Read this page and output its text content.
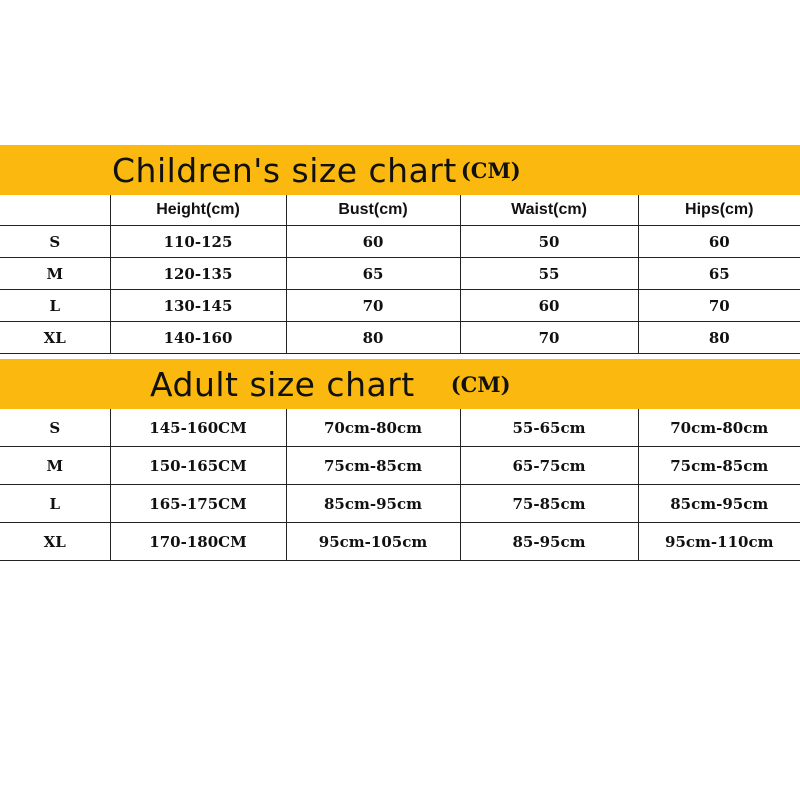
Children's size chart (CM)
	Height(cm)	Bust(cm)	Waist(cm)	Hips(cm)
S	110-125	60	50	60
M	120-135	65	55	65
L	130-145	70	60	70
XL	140-160	80	70	80
Adult size chart (CM)
S	145-160CM	70cm-80cm	55-65cm	70cm-80cm
M	150-165CM	75cm-85cm	65-75cm	75cm-85cm
L	165-175CM	85cm-95cm	75-85cm	85cm-95cm
XL	170-180CM	95cm-105cm	85-95cm	95cm-110cm
